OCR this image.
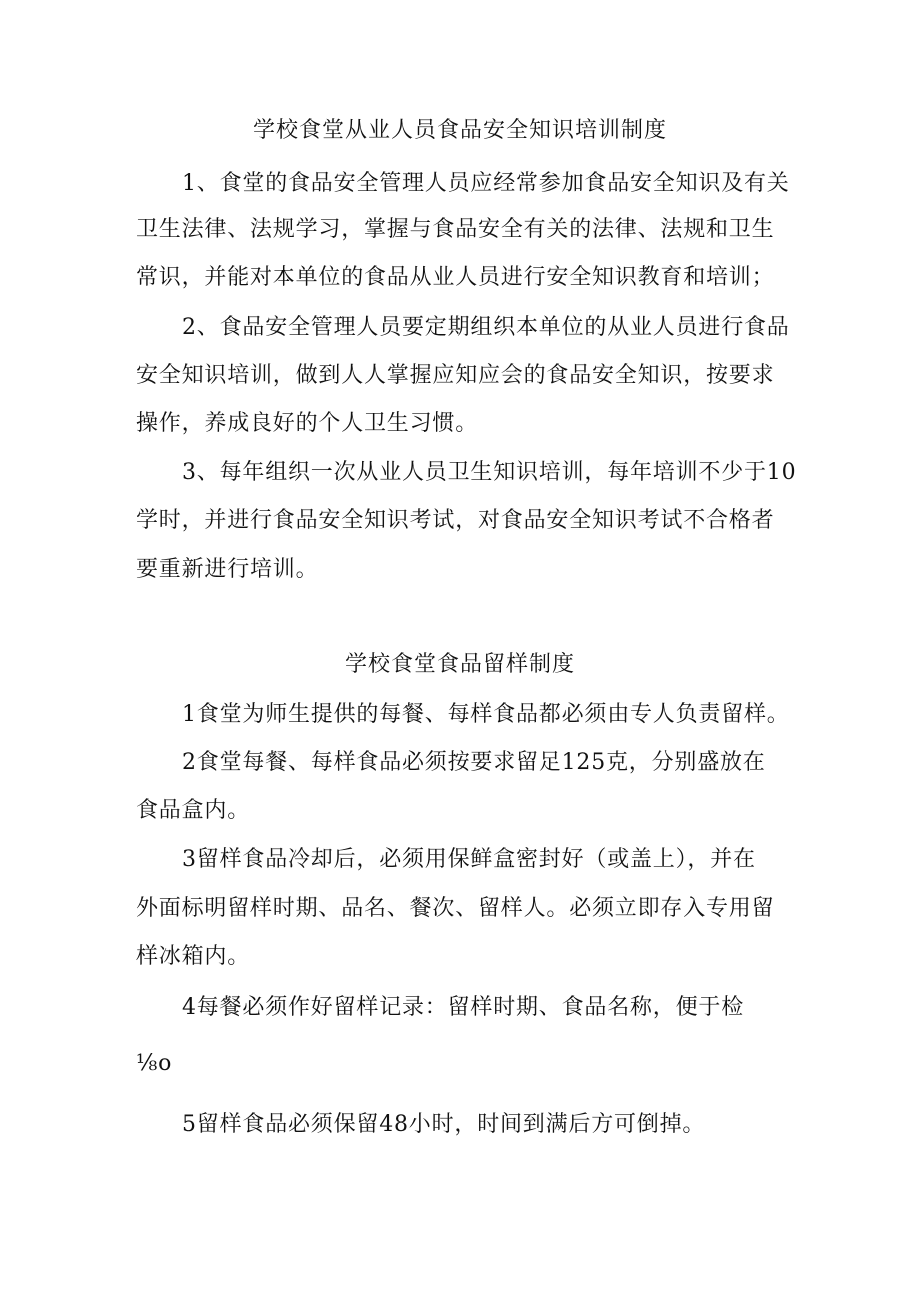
学校食堂从业人员食品安全知识培训制度
1、食堂的食品安全管理人员应经常参加食品安全知识及有关
卫生法律、法规学习，掌握与食品安全有关的法律、法规和卫生
常识，并能对本单位的食品从业人员进行安全知识教育和培训；
2、食品安全管理人员要定期组织本单位的从业人员进行食品
安全知识培训，做到人人掌握应知应会的食品安全知识，按要求
操作，养成良好的个人卫生习惯。
3、每年组织一次从业人员卫生知识培训，每年培训不少于10
学时，并进行食品安全知识考试，对食品安全知识考试不合格者
要重新进行培训。
学校食堂食品留样制度
1食堂为师生提供的每餐、每样食品都必须由专人负责留样。
2食堂每餐、每样食品必须按要求留足125克，分别盛放在
食品盒内。
3留样食品冷却后，必须用保鲜盒密封好（或盖上），并在
外面标明留样时期、品名、餐次、留样人。必须立即存入专用留
样冰箱内。
4每餐必须作好留样记录：留样时期、食品名称，便于检
⅛o
5留样食品必须保留48小时，时间到满后方可倒掉。
